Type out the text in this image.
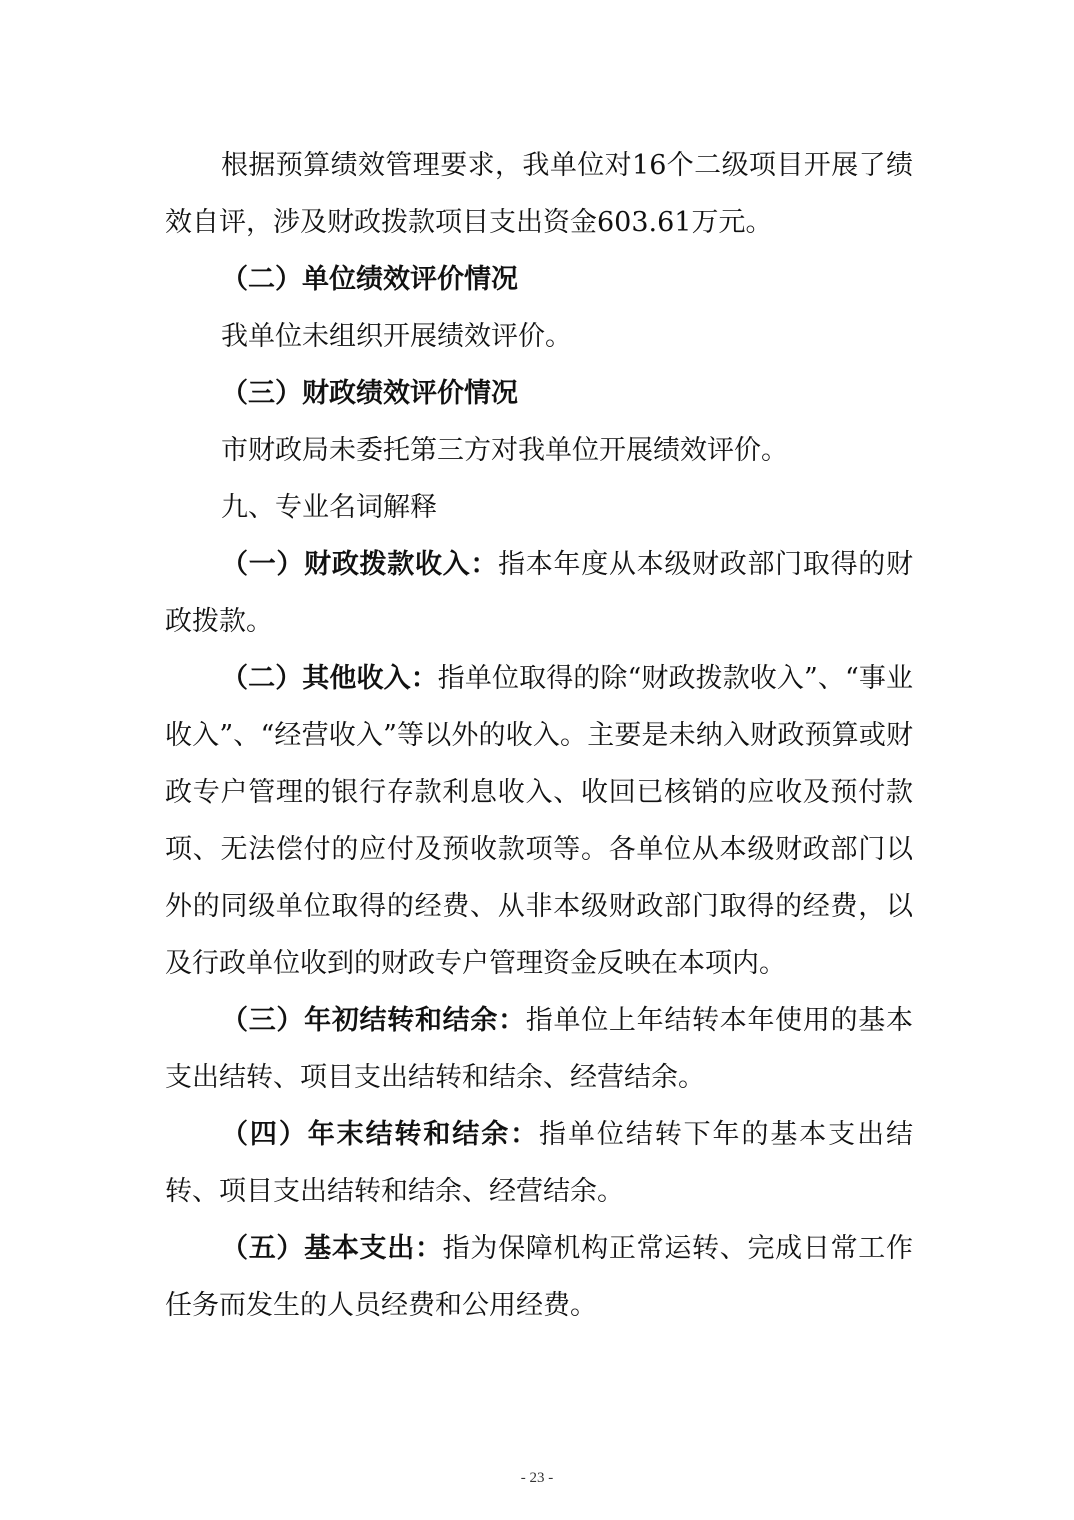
根据预算绩效管理要求，我单位对16个二级项目开展了绩效自评，涉及财政拨款项目支出资金603.61万元。

（二）单位绩效评价情况

我单位未组织开展绩效评价。

（三）财政绩效评价情况

市财政局未委托第三方对我单位开展绩效评价。

九、专业名词解释

（一）财政拨款收入：指本年度从本级财政部门取得的财政拨款。

（二）其他收入：指单位取得的除“财政拨款收入”、“事业收入”、“经营收入”等以外的收入。主要是未纳入财政预算或财政专户管理的银行存款利息收入、收回已核销的应收及预付款项、无法偿付的应付及预收款项等。各单位从本级财政部门以外的同级单位取得的经费、从非本级财政部门取得的经费，以及行政单位收到的财政专户管理资金反映在本项内。

（三）年初结转和结余：指单位上年结转本年使用的基本支出结转、项目支出结转和结余、经营结余。

（四）年末结转和结余：指单位结转下年的基本支出结转、项目支出结转和结余、经营结余。

（五）基本支出：指为保障机构正常运转、完成日常工作任务而发生的人员经费和公用经费。

- 23 -
